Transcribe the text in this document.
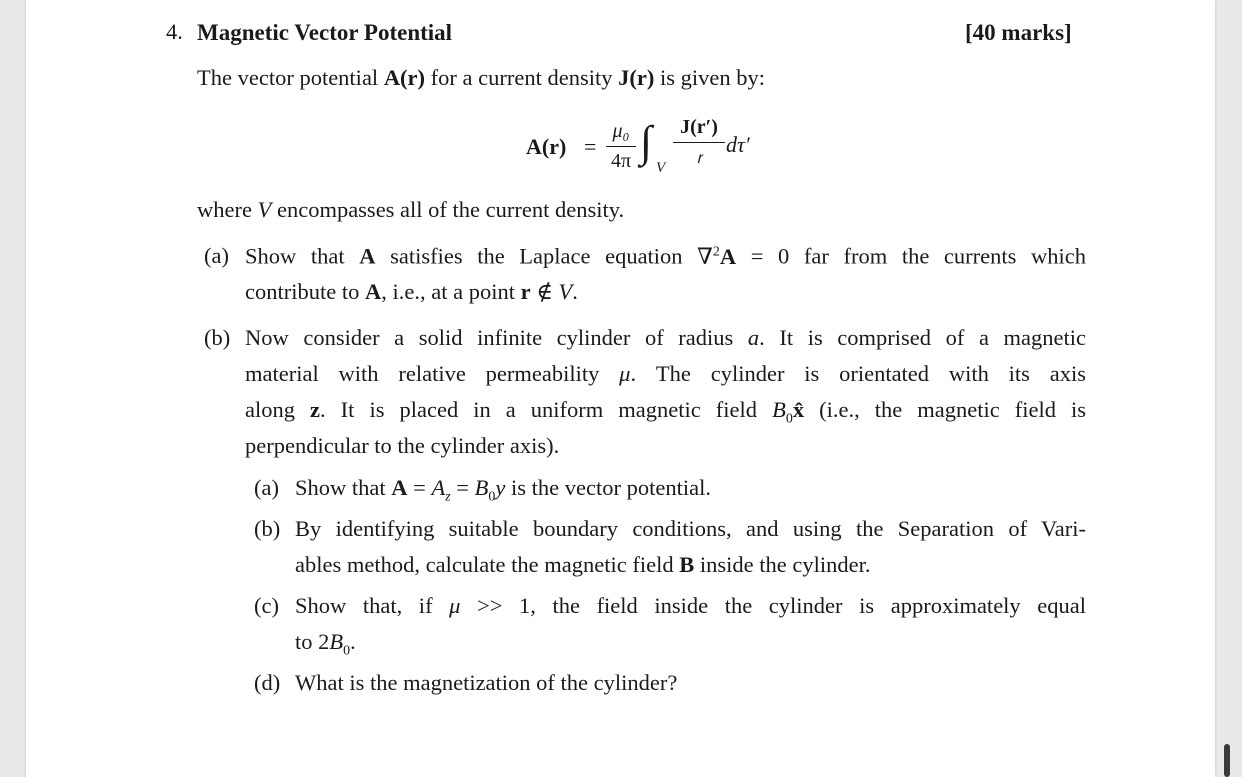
4. Magnetic Vector Potential	[40 marks]
The vector potential A(r) for a current density J(r) is given by:
A(r) =
μ₀
4π ∫
V
J(r′)
ꭇ
dτ′
where V encompasses all of the current density.
(a) Show that A satisfies the Laplace equation ∇$^2$A = 0 far from the currents which
contribute to A, i.e., at a point r ∉ V.
(b) Now consider a solid infinite cylinder of radius a. It is comprised of a magnetic
material with relative permeability μ. The cylinder is orientated with its axis
along z. It is placed in a uniform magnetic field $B_0x̂$ (i.e., the magnetic field is
perpendicular to the cylinder axis).
(a) Show that $A = A_z = B_0y$ is the vector potential.
(b) By identifying suitable boundary conditions, and using the Separation of Vari-
ables method, calculate the magnetic field B inside the cylinder.
(c) Show that, if μ >> 1, the field inside the cylinder is approximately equal
to $2B_0$.
(d) What is the magnetization of the cylinder?
